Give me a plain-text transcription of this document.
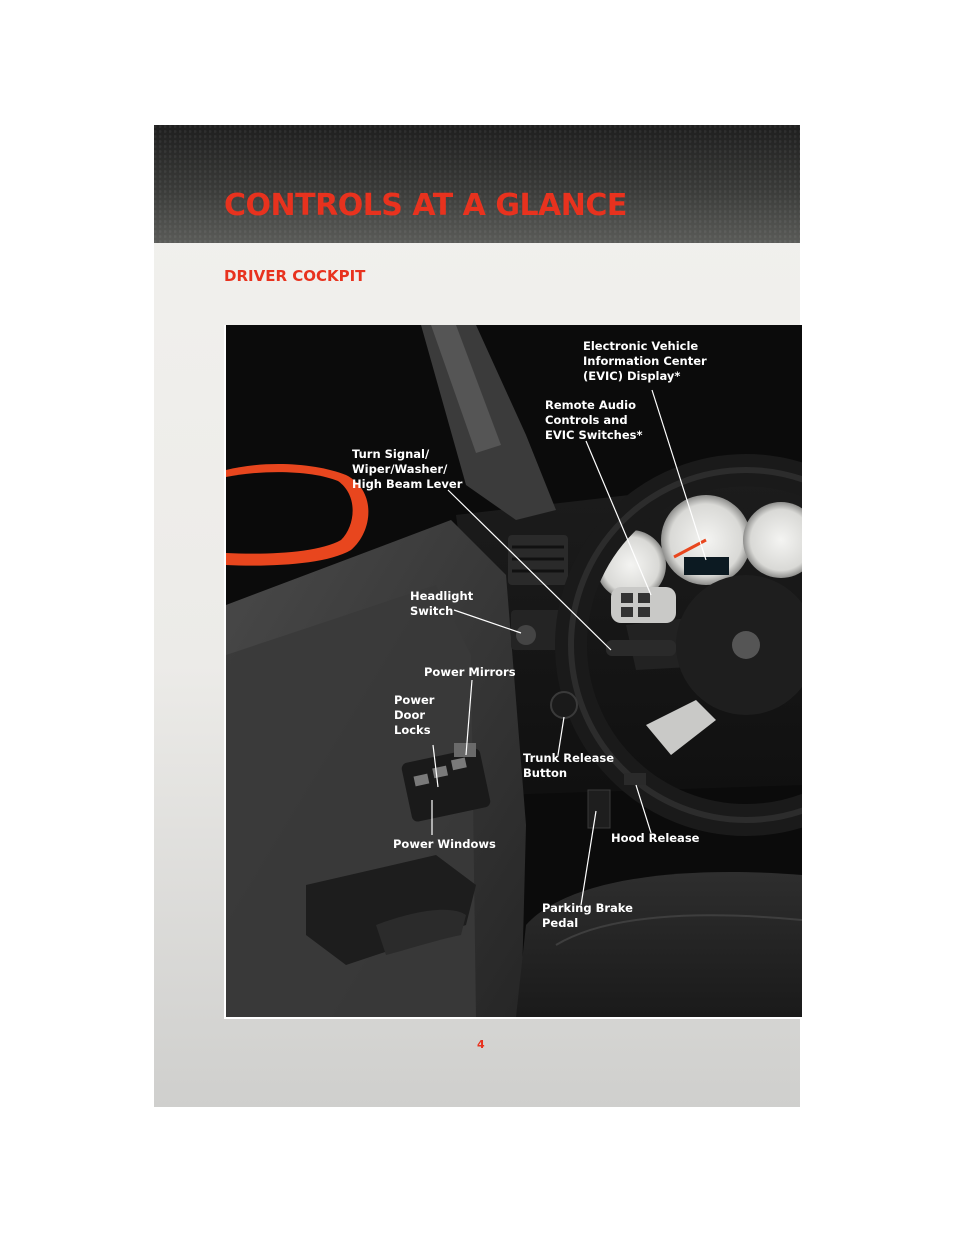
CONTROLS AT A GLANCE
DRIVER COCKPIT

Electronic Vehicle
Information Center
(EVIC) Display*

Remote Audio
Controls and
EVIC Switches*

Turn Signal/
Wiper/Washer/
High Beam Lever

Headlight
Switch

Power Mirrors

Power
Door
Locks

Trunk Release
Button

Power Windows	Hood Release

Parking Brake
Pedal

4
